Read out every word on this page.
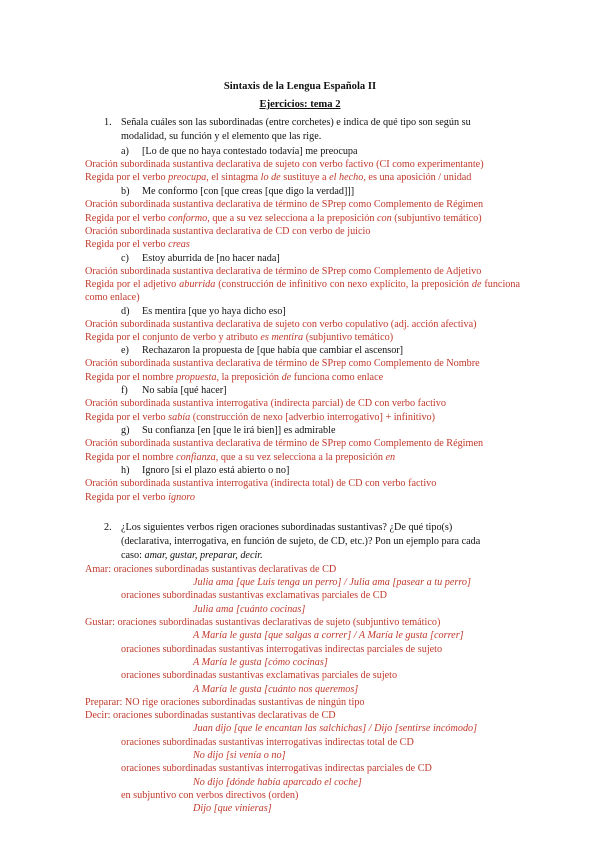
Sintaxis de la Lengua Española II
Ejercicios: tema 2
1. Señala cuáles son las subordinadas (entre corchetes) e indica de qué tipo son según su
modalidad, su función y el elemento que las rige.
a) [Lo de que no haya contestado todavía] me preocupa
Oración subordinada sustantiva declarativa de sujeto con verbo factivo (CI como experimentante)
Regida por el verbo preocupa, el sintagma lo de sustituye a el hecho, es una aposición / unidad
b) Me conformo [con [que creas [que digo la verdad]]]
Oración subordinada sustantiva declarativa de término de SPrep como Complemento de Régimen
Regida por el verbo conformo, que a su vez selecciona a la preposición con (subjuntivo temático)
Oración subordinada sustantiva declarativa de CD con verbo de juicio
Regida por el verbo creas
c) Estoy aburrida de [no hacer nada]
Oración subordinada sustantiva declarativa de término de SPrep como Complemento de Adjetivo
Regida por el adjetivo aburrida (construcción de infinitivo con nexo explícito, la preposición de funciona como enlace)
d) Es mentira [que yo haya dicho eso]
Oración subordinada sustantiva declarativa de sujeto con verbo copulativo (adj. acción afectiva)
Regida por el conjunto de verbo y atributo es mentira (subjuntivo temático)
e) Rechazaron la propuesta de [que había que cambiar el ascensor]
Oración subordinada sustantiva declarativa de término de SPrep como Complemento de Nombre
Regida por el nombre propuesta, la preposición de funciona como enlace
f) No sabía [qué hacer]
Oración subordinada sustantiva interrogativa (indirecta parcial) de CD con verbo factivo
Regida por el verbo sabía (construcción de nexo [adverbio interrogativo] + infinitivo)
g) Su confianza [en [que le irá bien]] es admirable
Oración subordinada sustantiva declarativa de término de SPrep como Complemento de Régimen
Regida por el nombre confianza, que a su vez selecciona a la preposición en
h) Ignoro [si el plazo está abierto o no]
Oración subordinada sustantiva interrogativa (indirecta total) de CD con verbo factivo
Regida por el verbo ignoro
2. ¿Los siguientes verbos rigen oraciones subordinadas sustantivas? ¿De qué tipo(s)
(declarativa, interrogativa, en función de sujeto, de CD, etc.)? Pon un ejemplo para cada
caso: amar, gustar, preparar, decir.
Amar: oraciones subordinadas sustantivas declarativas de CD
Julia ama [que Luis tenga un perro] / Julia ama [pasear a tu perro]
oraciones subordinadas sustantivas exclamativas parciales de CD
Julia ama [cuánto cocinas]
Gustar: oraciones subordinadas sustantivas declarativas de sujeto (subjuntivo temático)
A María le gusta [que salgas a correr] / A María le gusta [correr]
oraciones subordinadas sustantivas interrogativas indirectas parciales de sujeto
A María le gusta [cómo cocinas]
oraciones subordinadas sustantivas exclamativas parciales de sujeto
A María le gusta [cuánto nos queremos]
Preparar: NO rige oraciones subordinadas sustantivas de ningún tipo
Decir: oraciones subordinadas sustantivas declarativas de CD
Juan dijo [que le encantan las salchichas] / Dijo [sentirse incómodo]
oraciones subordinadas sustantivas interrogativas indirectas total de CD
No dijo [si venía o no]
oraciones subordinadas sustantivas interrogativas indirectas parciales de CD
No dijo [dónde había aparcado el coche]
en subjuntivo con verbos directivos (orden)
Dijo [que vinieras]
